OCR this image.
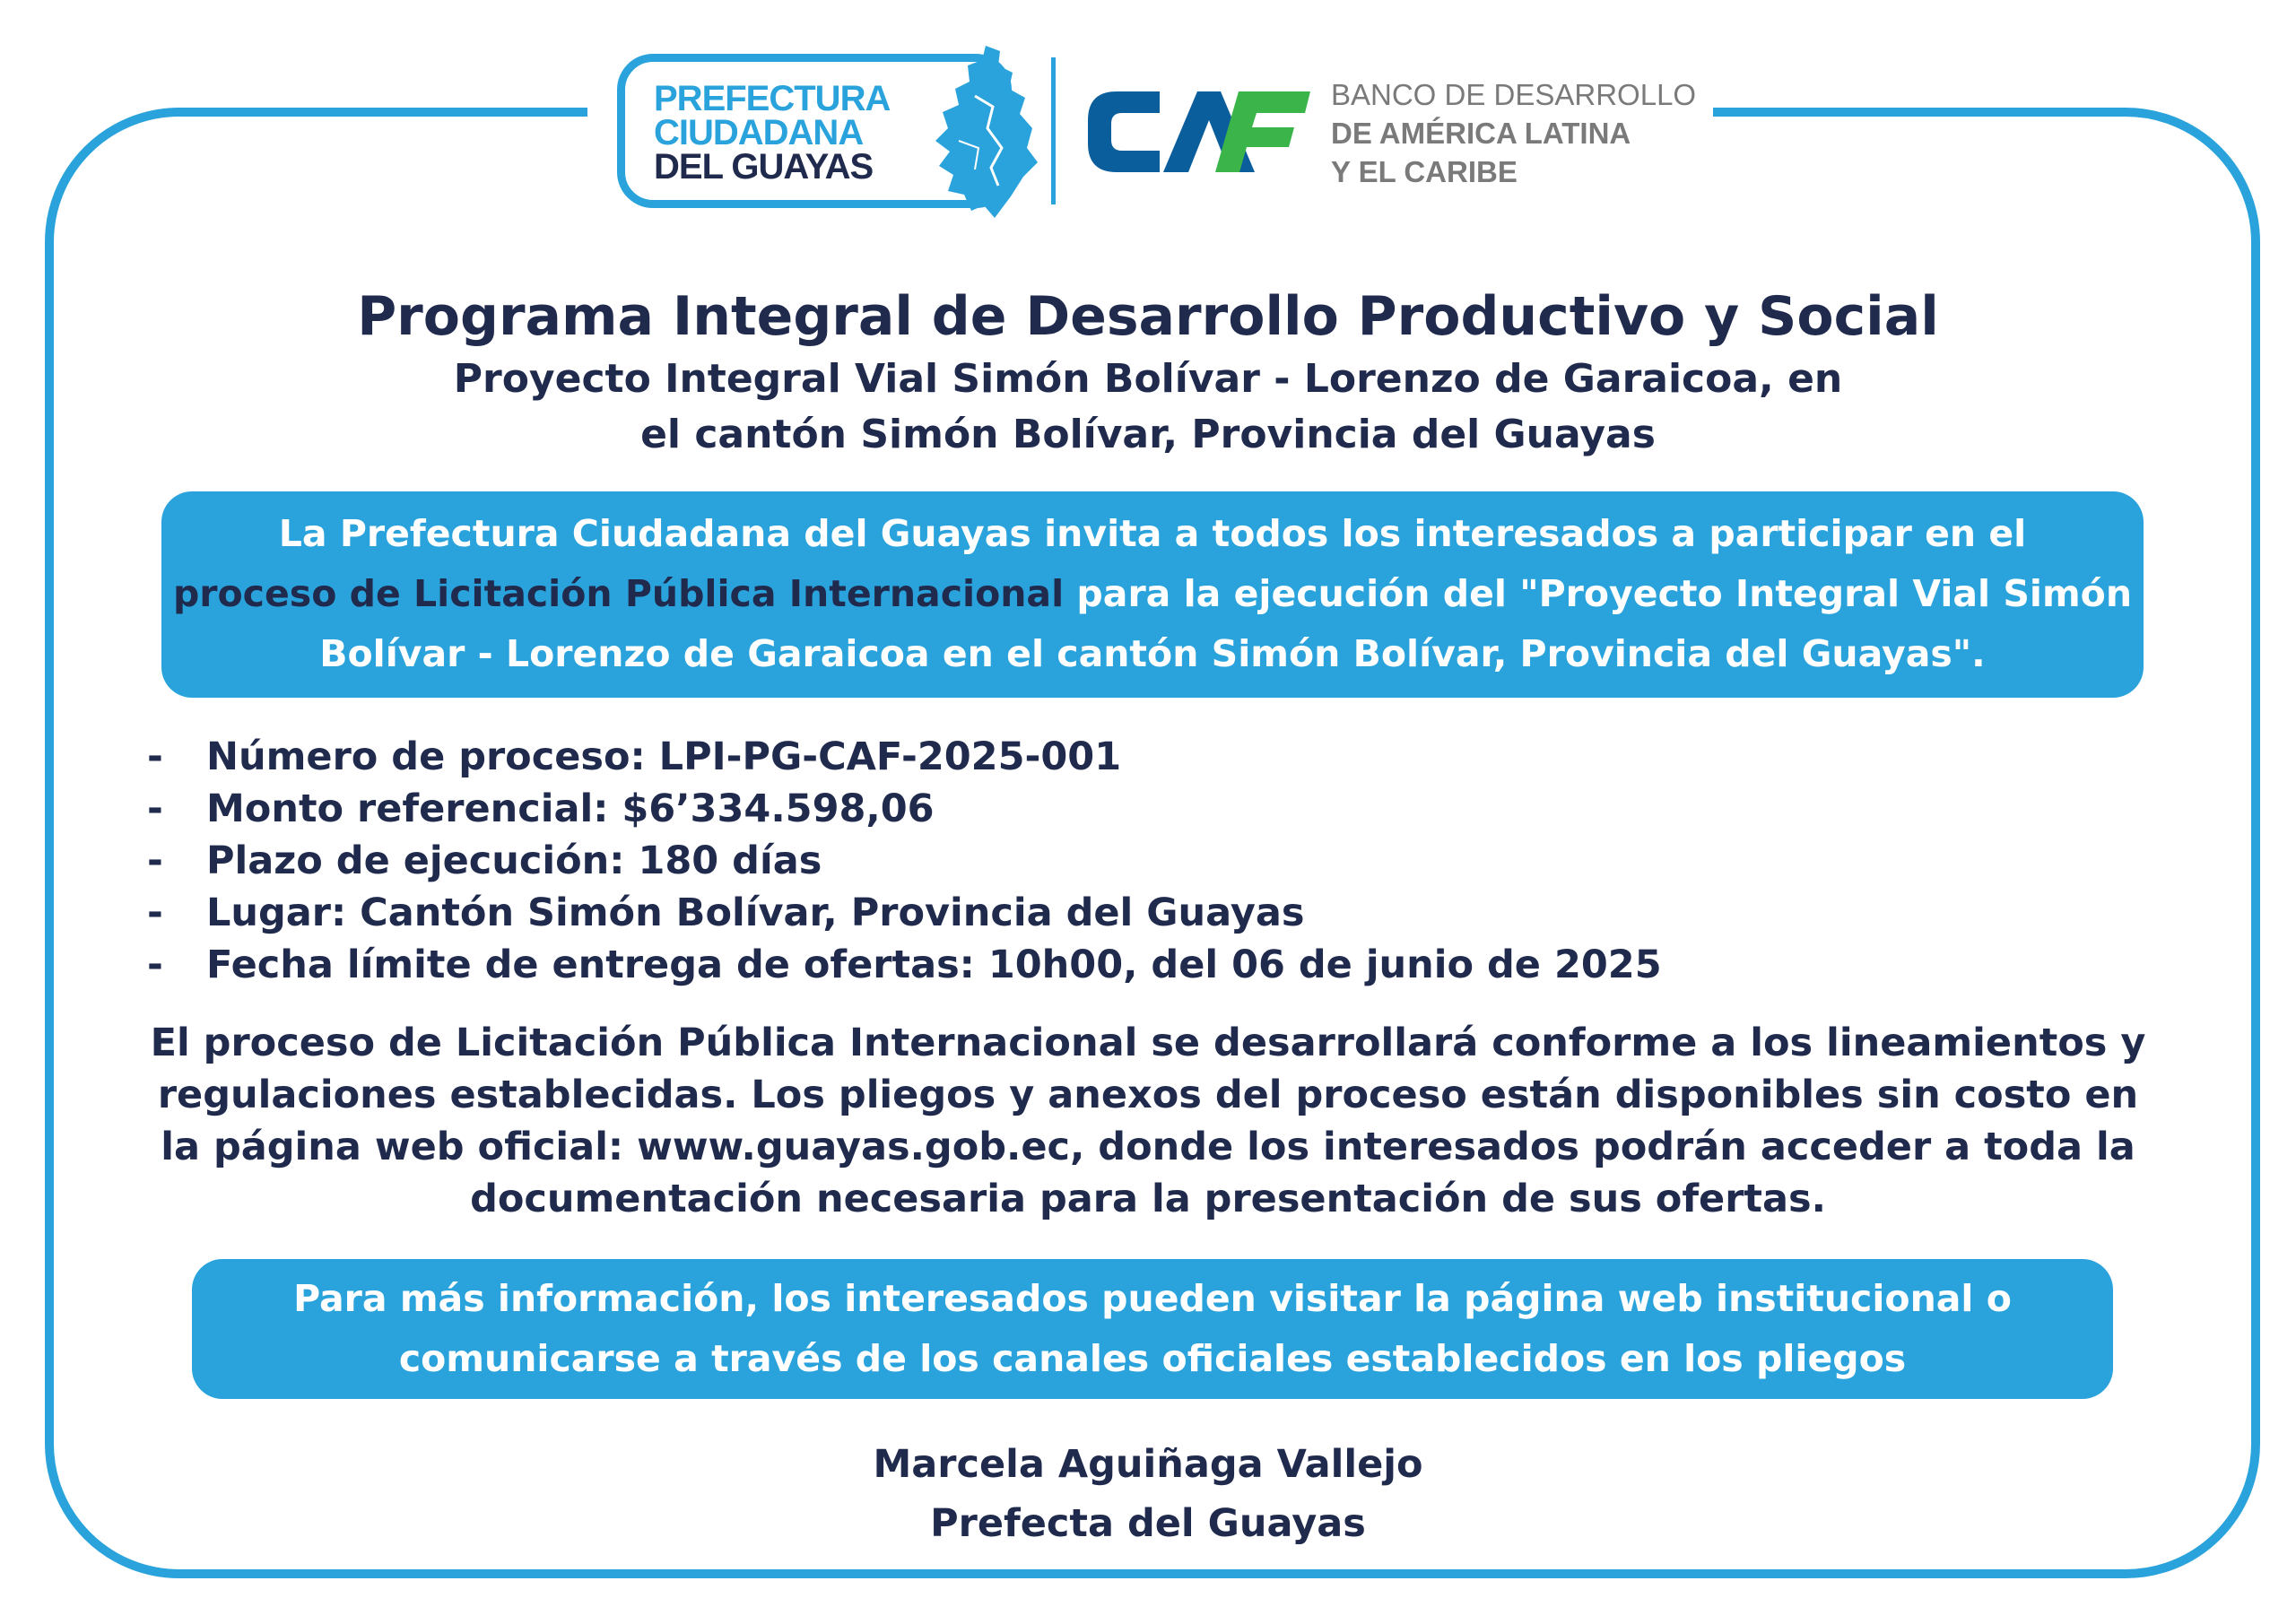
PREFECTURA
CIUDADANA
DEL GUAYAS
BANCO DE DESARROLLO
DE AMÉRICA LATINA
Y EL CARIBE
Programa Integral de Desarrollo Productivo y Social
Proyecto Integral Vial Simón Bolívar - Lorenzo de Garaicoa, en
el cantón Simón Bolívar, Provincia del Guayas
La Prefectura Ciudadana del Guayas invita a todos los interesados a participar en el
proceso de Licitación Pública Internacional para la ejecución del "Proyecto Integral Vial Simón Bolívar - Lorenzo de Garaicoa en el cantón Simón Bolívar, Provincia del Guayas".
- Número de proceso: LPI-PG-CAF-2025-001
- Monto referencial: $6’334.598,06
- Plazo de ejecución: 180 días
- Lugar: Cantón Simón Bolívar, Provincia del Guayas
- Fecha límite de entrega de ofertas: 10h00, del 06 de junio de 2025

El proceso de Licitación Pública Internacional se desarrollará conforme a los lineamientos y regulaciones establecidas. Los pliegos y anexos del proceso están disponibles sin costo en la página web oficial: www.guayas.gob.ec, donde los interesados podrán acceder a toda la documentación necesaria para la presentación de sus ofertas.

Para más información, los interesados pueden visitar la página web institucional o
comunicarse a través de los canales oficiales establecidos en los pliegos
Marcela Aguiñaga Vallejo
Prefecta del Guayas
